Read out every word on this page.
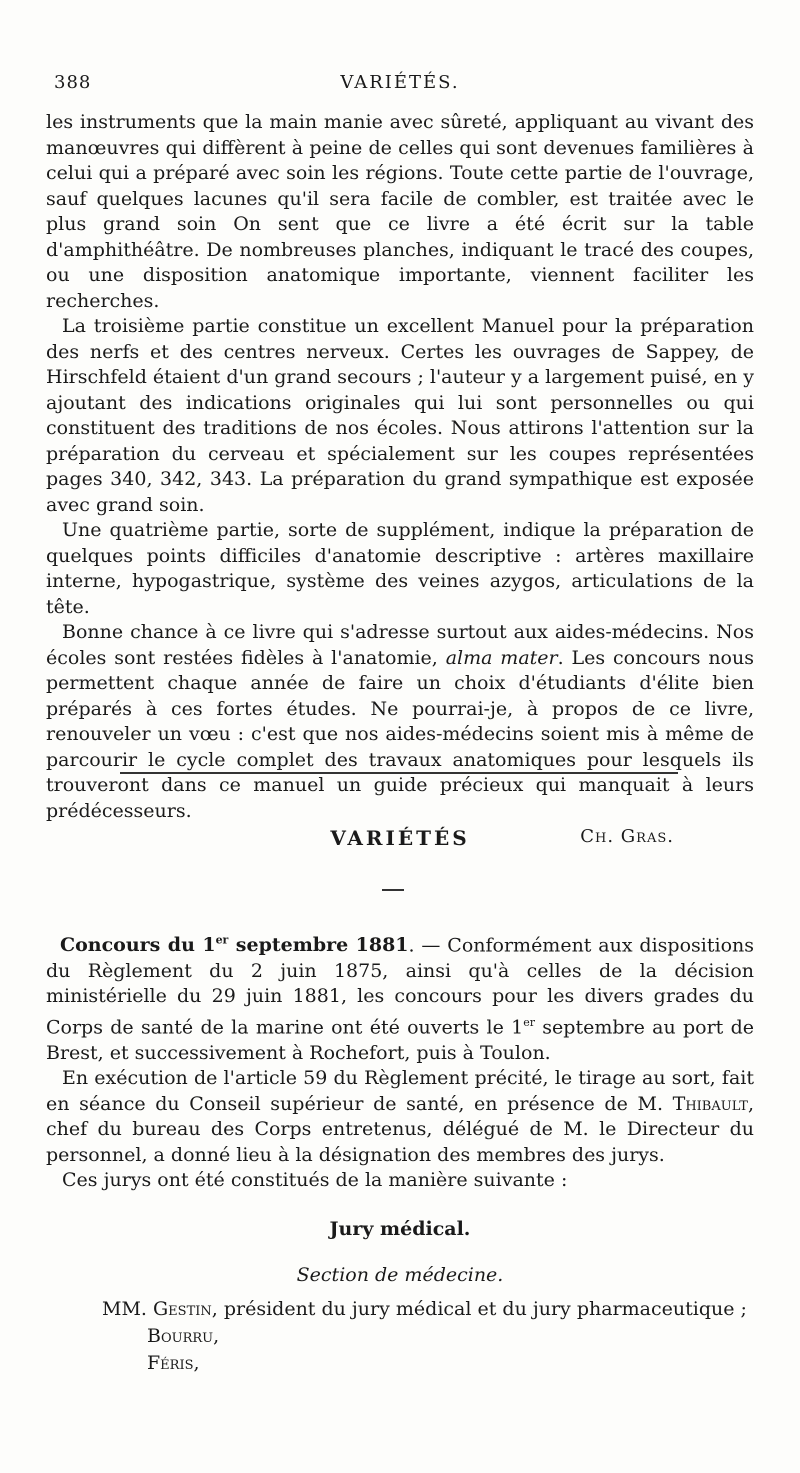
388	VARIÉTÉS.

les instruments que la main manie avec sûreté, appliquant au vivant des manœuvres qui diffèrent à peine de celles qui sont devenues familières à celui qui a préparé avec soin les régions. Toute cette partie de l'ouvrage, sauf quelques lacunes qu'il sera facile de combler, est traitée avec le plus grand soin On sent que ce livre a été écrit sur la table d'amphithéâtre. De nombreuses planches, indiquant le tracé des coupes, ou une disposition anatomique importante, viennent faciliter les recherches.

La troisième partie constitue un excellent Manuel pour la préparation des nerfs et des centres nerveux. Certes les ouvrages de Sappey, de Hirschfeld étaient d'un grand secours ; l'auteur y a largement puisé, en y ajoutant des indications originales qui lui sont personnelles ou qui constituent des traditions de nos écoles. Nous attirons l'attention sur la préparation du cerveau et spécialement sur les coupes représentées pages 340, 342, 343. La préparation du grand sympathique est exposée avec grand soin.

Une quatrième partie, sorte de supplément, indique la préparation de quelques points difficiles d'anatomie descriptive : artères maxillaire interne, hypogastrique, système des veines azygos, articulations de la tête.

Bonne chance à ce livre qui s'adresse surtout aux aides-médecins. Nos écoles sont restées fidèles à l'anatomie, alma mater. Les concours nous permettent chaque année de faire un choix d'étudiants d'élite bien préparés à ces fortes études. Ne pourrai-je, à propos de ce livre, renouveler un vœu : c'est que nos aides-médecins soient mis à même de parcourir le cycle complet des travaux anatomiques pour lesquels ils trouveront dans ce manuel un guide précieux qui manquait à leurs prédécesseurs.

Ch. Gras.
VARIÉTÉS

Concours du 1er septembre 1881. — Conformément aux dispositions du Règlement du 2 juin 1875, ainsi qu'à celles de la décision ministérielle du 29 juin 1881, les concours pour les divers grades du Corps de santé de la marine ont été ouverts le 1er septembre au port de Brest, et successivement à Rochefort, puis à Toulon.

En exécution de l'article 59 du Règlement précité, le tirage au sort, fait en séance du Conseil supérieur de santé, en présence de M. Thibault, chef du bureau des Corps entretenus, délégué de M. le Directeur du personnel, a donné lieu à la désignation des membres des jurys.

Ces jurys ont été constitués de la manière suivante :

Jury médical.
Section de médecine.
MM. Gestin, président du jury médical et du jury pharmaceutique ;
Bourru,
Féris,
